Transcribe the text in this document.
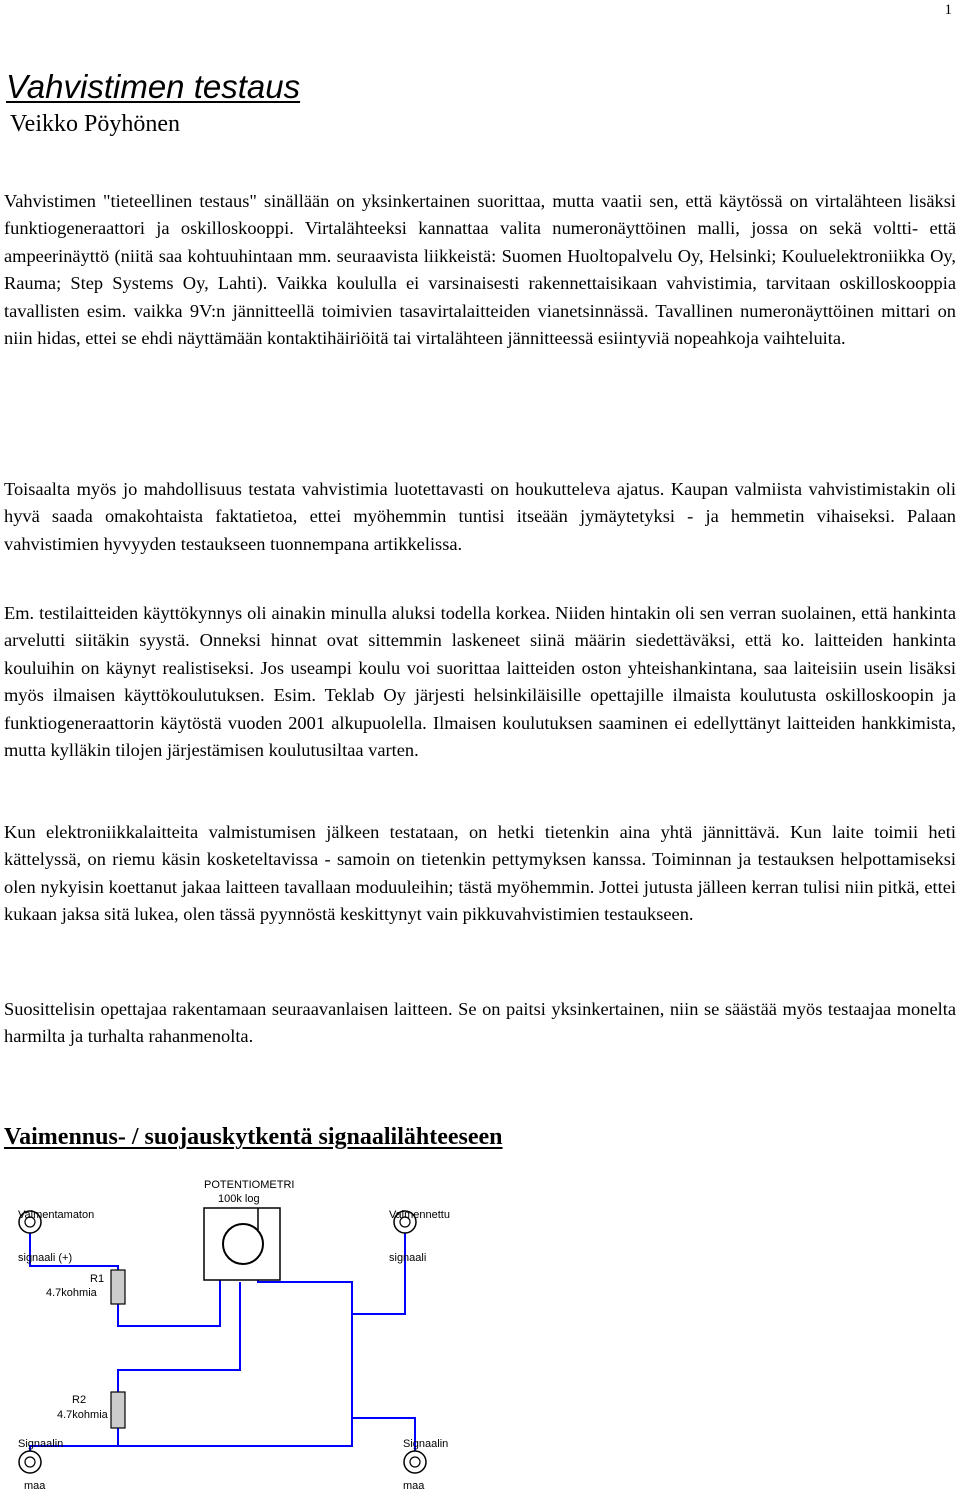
1
Vahvistimen testaus
Veikko Pöyhönen

Vahvistimen "tieteellinen testaus" sinällään on yksinkertainen suorittaa, mutta vaatii sen, että käytössä on virtalähteen lisäksi funktiogeneraattori ja oskilloskooppi. Virtalähteeksi kannattaa valita numeronäyttöinen malli, jossa on sekä voltti- että ampeerinäyttö (niitä saa kohtuuhintaan mm. seuraavista liikkeistä: Suomen Huoltopalvelu Oy, Helsinki; Kouluelektroniikka Oy, Rauma; Step Systems Oy, Lahti). Vaikka koululla ei varsinaisesti rakennettaisikaan vahvistimia, tarvitaan oskilloskooppia tavallisten esim. vaikka 9V:n jännitteellä toimivien tasavirtalaitteiden vianetsinnässä. Tavallinen numeronäyttöinen mittari on niin hidas, ettei se ehdi näyttämään kontaktihäiriöitä tai virtalähteen jännitteessä esiintyviä nopeahkoja vaihteluita.

Toisaalta myös jo mahdollisuus testata vahvistimia luotettavasti on houkutteleva ajatus. Kaupan valmiista vahvistimistakin oli hyvä saada omakohtaista faktatietoa, ettei myöhemmin tuntisi itseään jymäytetyksi - ja hemmetin vihaiseksi. Palaan vahvistimien hyvyyden testaukseen tuonnempana artikkelissa.

Em. testilaitteiden käyttökynnys oli ainakin minulla aluksi todella korkea. Niiden hintakin oli sen verran suolainen, että hankinta arvelutti siitäkin syystä. Onneksi hinnat ovat sittemmin laskeneet siinä määrin siedettäväksi, että ko. laitteiden hankinta kouluihin on käynyt realistiseksi. Jos useampi koulu voi suorittaa laitteiden oston yhteishankintana, saa laiteisiin usein lisäksi myös ilmaisen käyttökoulutuksen. Esim. Teklab Oy järjesti helsinkiläisille opettajille ilmaista koulutusta oskilloskoopin ja funktiogeneraattorin käytöstä vuoden 2001 alkupuolella. Ilmaisen koulutuksen saaminen ei edellyttänyt laitteiden hankkimista, mutta kylläkin tilojen järjestämisen koulutusiltaa varten.

Kun elektroniikkalaitteita valmistumisen jälkeen testataan, on hetki tietenkin aina yhtä jännittävä. Kun laite toimii heti kättelyssä, on riemu käsin kosketeltavissa - samoin on tietenkin pettymyksen kanssa. Toiminnan ja testauksen helpottamiseksi olen nykyisin koettanut jakaa laitteen tavallaan moduuleihin; tästä myöhemmin. Jottei jutusta jälleen kerran tulisi niin pitkä, ettei kukaan jaksa sitä lukea, olen tässä pyynnöstä keskittynyt vain pikkuvahvistimien testaukseen.

Suosittelisin opettajaa rakentamaan seuraavanlaisen laitteen. Se on paitsi yksinkertainen, niin se säästää myös testaajaa monelta harmilta ja turhalta rahanmenolta.

Vaimennus- / suojauskytkentä signaalilähteeseen
POTENTIOMETRI
100k log
Vaimentamaton
signaali (+)
Vaimennettu
signaali
R1
4.7kohmia
R2
4.7kohmia
Signaalin
maa
Signaalin
maa
